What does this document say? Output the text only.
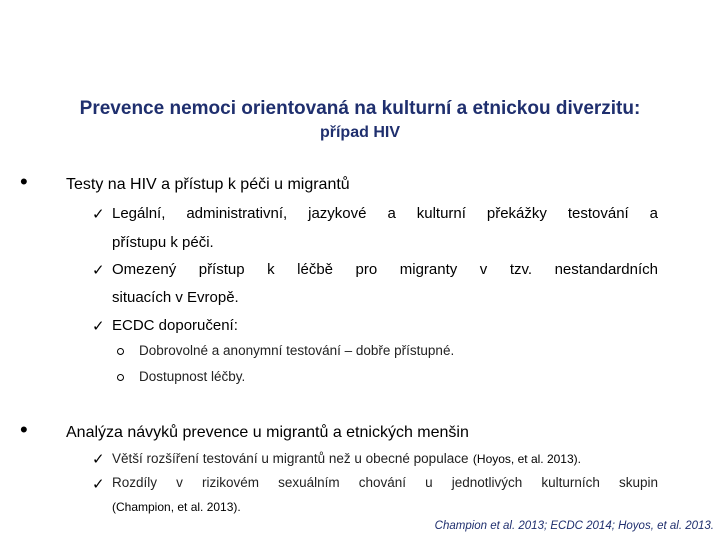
Prevence nemoci orientovaná na kulturní a etnickou diverzitu:
případ HIV
• Testy na HIV a přístup k péči u migrantů
✓ Legální, administrativní, jazykové a kulturní překážky testování a
přístupu k péči.
✓ Omezený přístup k léčbě pro migranty v tzv. nestandardních
situacích v Evropě.
✓ ECDC doporučení:
Dobrovolné a anonymní testování – dobře přístupné.
Dostupnost léčby.
• Analýza návyků prevence u migrantů a etnických menšin
✓ Větší rozšíření testování u migrantů než u obecné populace (Hoyos, et al. 2013).
✓ Rozdíly v rizikovém sexuálním chování u jednotlivých kulturních skupin
(Champion, et al. 2013).
Champion et al. 2013; ECDC 2014; Hoyos, et al. 2013.
